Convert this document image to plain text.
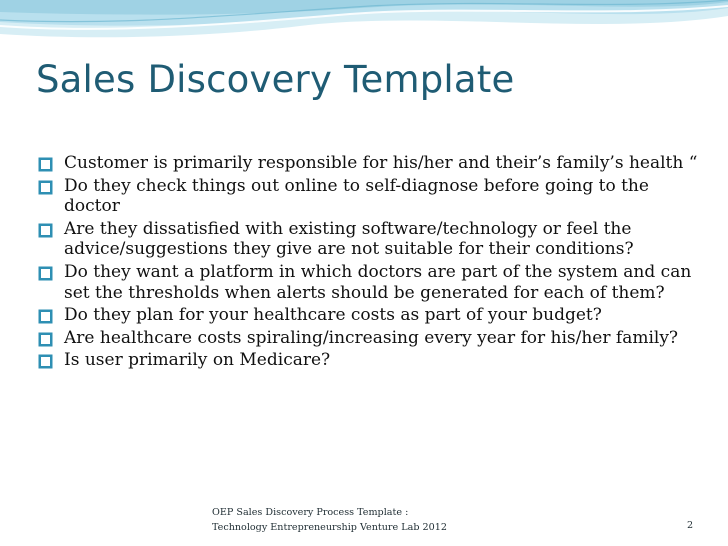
Sales Discovery Template
Customer is primarily responsible for his/her and their’s family’s health “
Do they check things out online to self-diagnose before going to the doctor
Are they dissatisfied with existing software/technology or feel the advice/suggestions they give are not suitable for their conditions?
Do they want a platform in which doctors are part of the system and can set the thresholds when alerts should be generated for each of them?
Do they plan for your healthcare costs as part of your budget?
Are healthcare costs spiraling/increasing every year for his/her family?
Is user primarily on Medicare?
OEP Sales Discovery Process Template :
Technology Entrepreneurship Venture Lab 2012	2
